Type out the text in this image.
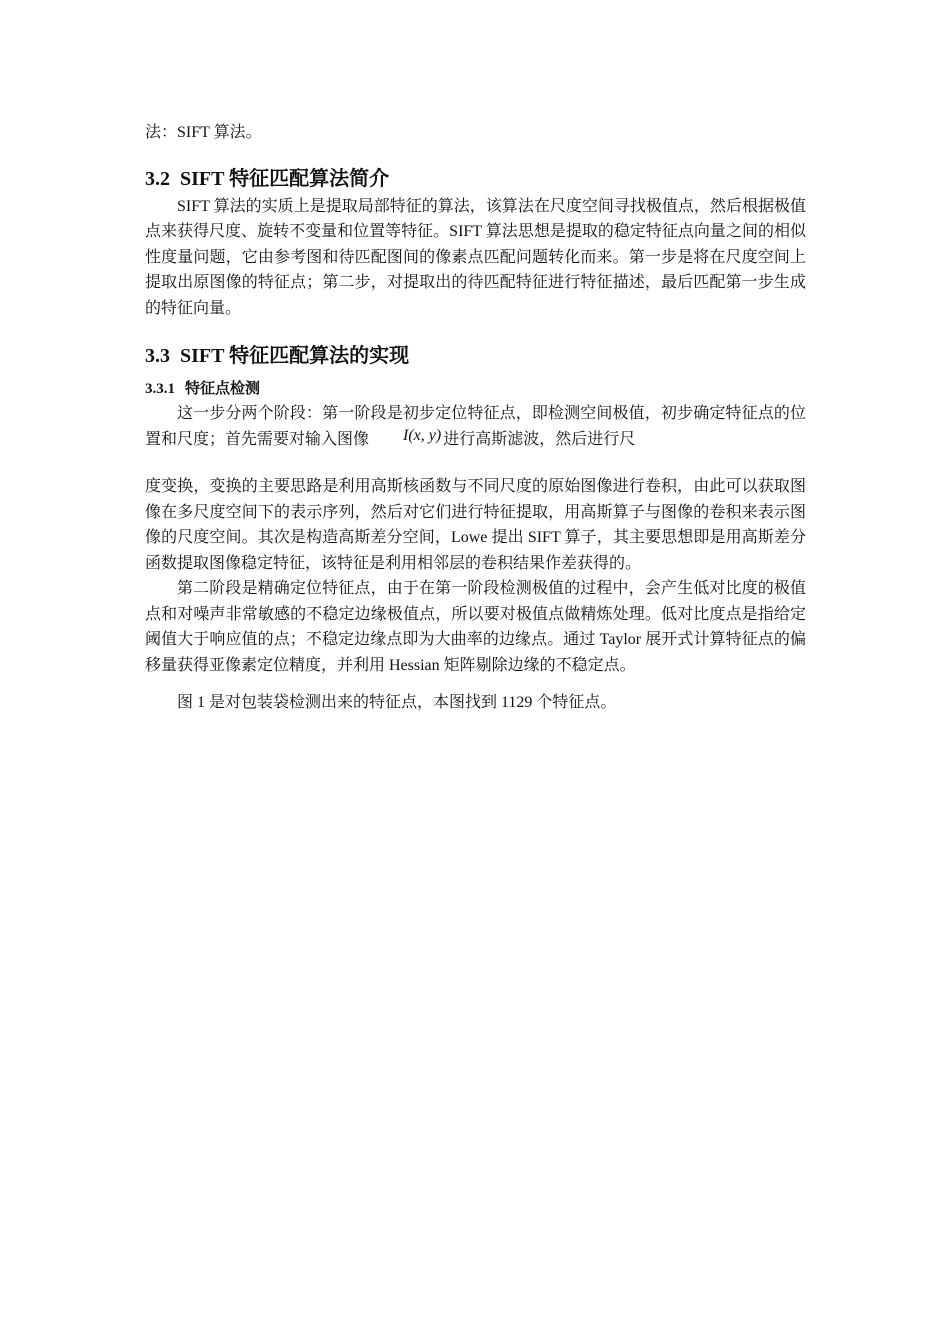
法：SIFT 算法。

3.2 SIFT 特征匹配算法简介

SIFT 算法的实质上是提取局部特征的算法，该算法在尺度空间寻找极值点，然后根据极值点来获得尺度、旋转不变量和位置等特征。SIFT 算法思想是提取的稳定特征点向量之间的相似性度量问题，它由参考图和待匹配图间的像素点匹配问题转化而来。第一步是将在尺度空间上提取出原图像的特征点；第二步，对提取出的待匹配特征进行特征描述，最后匹配第一步生成的特征向量。

3.3 SIFT 特征匹配算法的实现
3.3.1 特征点检测

这一步分两个阶段：第一阶段是初步定位特征点，即检测空间极值，初步确定特征点的位置和尺度；首先需要对输入图像 I(x, y) 进行高斯滤波，然后进行尺

度变换，变换的主要思路是利用高斯核函数与不同尺度的原始图像进行卷积，由此可以获取图像在多尺度空间下的表示序列，然后对它们进行特征提取，用高斯算子与图像的卷积来表示图像的尺度空间。其次是构造高斯差分空间，Lowe 提出 SIFT 算子，其主要思想即是用高斯差分函数提取图像稳定特征，该特征是利用相邻层的卷积结果作差获得的。

第二阶段是精确定位特征点，由于在第一阶段检测极值的过程中，会产生低对比度的极值点和对噪声非常敏感的不稳定边缘极值点，所以要对极值点做精炼处理。低对比度点是指给定阈值大于响应值的点；不稳定边缘点即为大曲率的边缘点。通过 Taylor 展开式计算特征点的偏移量获得亚像素定位精度，并利用 Hessian 矩阵剔除边缘的不稳定点。

图 1 是对包装袋检测出来的特征点，本图找到 1129 个特征点。
